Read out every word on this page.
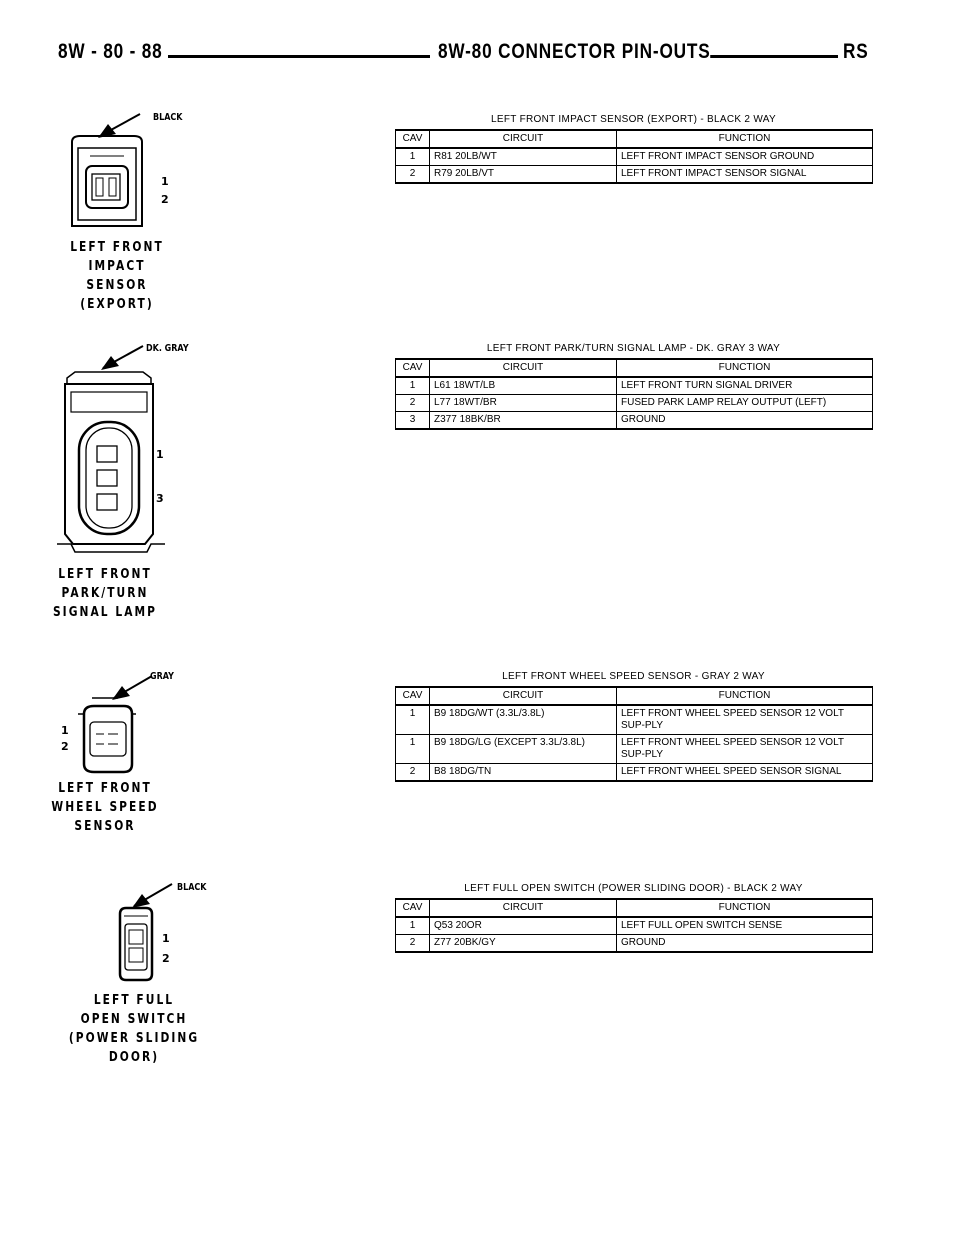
8W - 80 - 88	8W-80 CONNECTOR PIN-OUTS	RS
BLACK
1
2
LEFT FRONT
IMPACT SENSOR
(EXPORT)
LEFT FRONT IMPACT SENSOR (EXPORT) - BLACK 2 WAY
CAV	CIRCUIT	FUNCTION
1	R81 20LB/WT	LEFT FRONT IMPACT SENSOR GROUND
2	R79 20LB/VT	LEFT FRONT IMPACT SENSOR SIGNAL
DK. GRAY
1
3
LEFT FRONT
PARK/TURN
SIGNAL LAMP
LEFT FRONT PARK/TURN SIGNAL LAMP - DK. GRAY 3 WAY
CAV	CIRCUIT	FUNCTION
1	L61 18WT/LB	LEFT FRONT TURN SIGNAL DRIVER
2	L77 18WT/BR	FUSED PARK LAMP RELAY OUTPUT (LEFT)
3	Z377 18BK/BR	GROUND
GRAY
1
2
LEFT FRONT
WHEEL SPEED
SENSOR
LEFT FRONT WHEEL SPEED SENSOR - GRAY 2 WAY
CAV	CIRCUIT	FUNCTION
1	B9 18DG/WT (3.3L/3.8L)	LEFT FRONT WHEEL SPEED SENSOR 12 VOLT SUP-PLY
1	B9 18DG/LG (EXCEPT 3.3L/3.8L)	LEFT FRONT WHEEL SPEED SENSOR 12 VOLT SUP-PLY
2	B8 18DG/TN	LEFT FRONT WHEEL SPEED SENSOR SIGNAL
BLACK
1
2
LEFT FULL
OPEN SWITCH
(POWER SLIDING DOOR)
LEFT FULL OPEN SWITCH (POWER SLIDING DOOR) - BLACK 2 WAY
CAV	CIRCUIT	FUNCTION
1	Q53 20OR	LEFT FULL OPEN SWITCH SENSE
2	Z77 20BK/GY	GROUND
